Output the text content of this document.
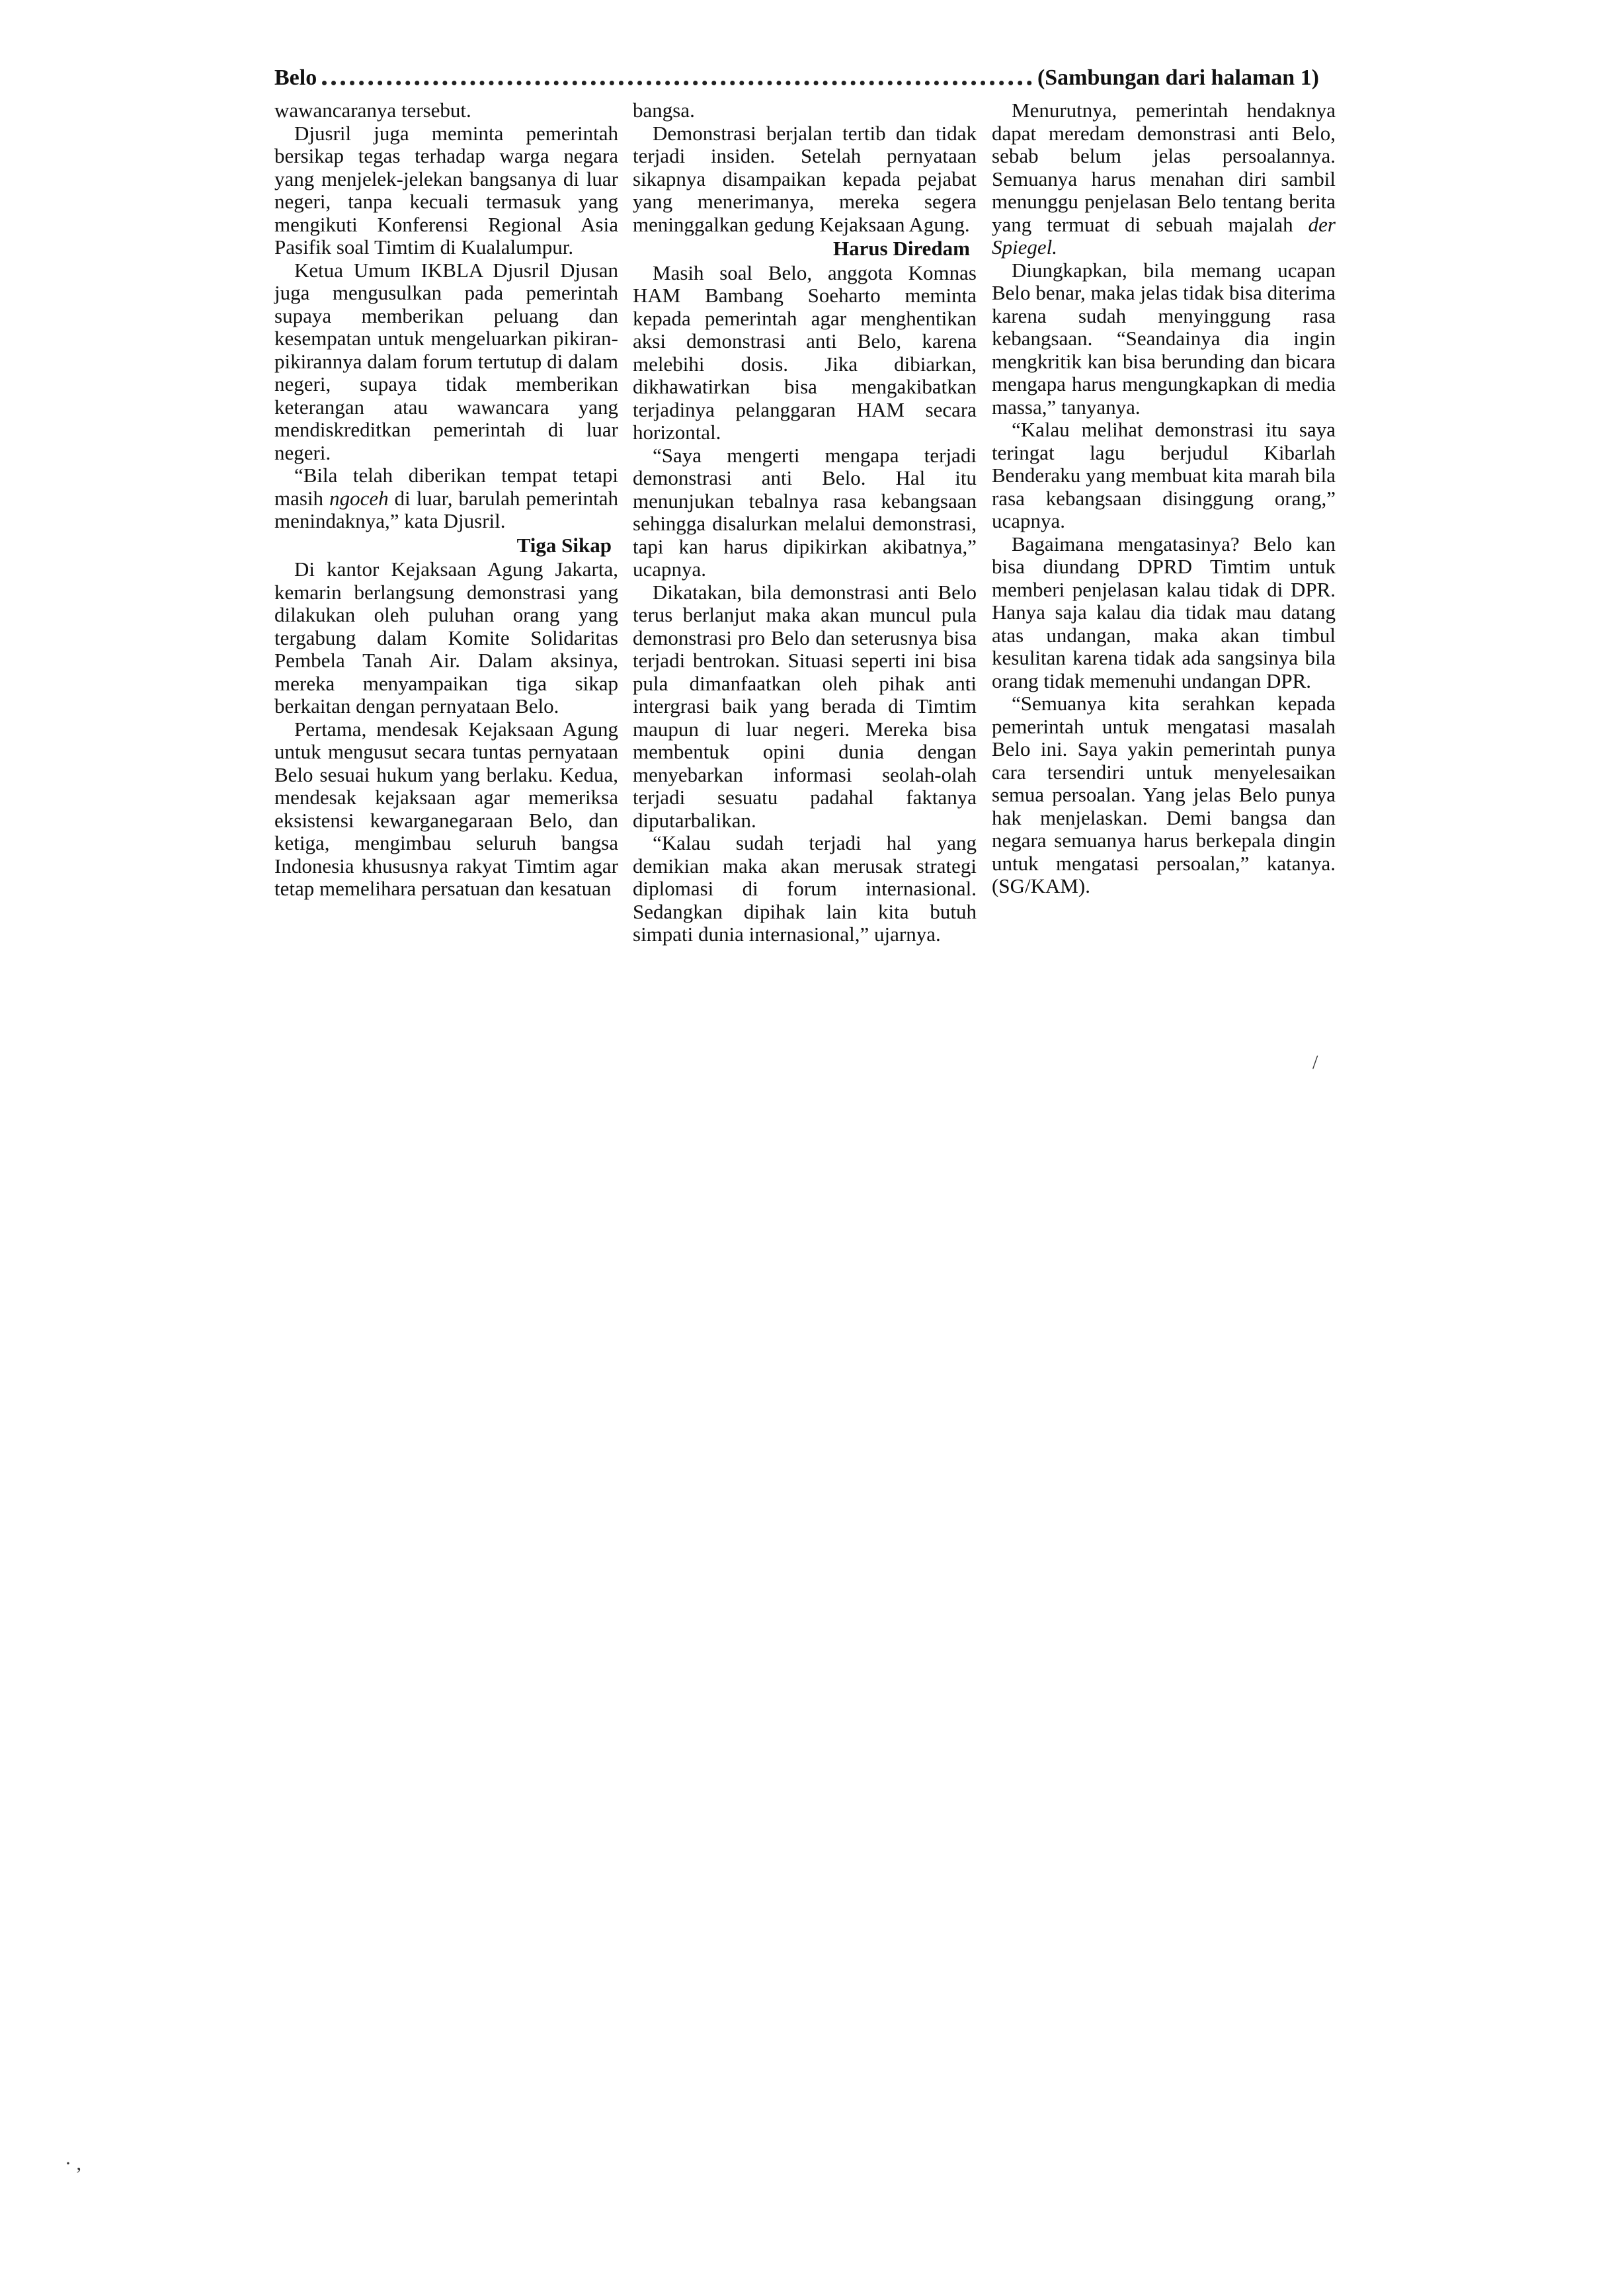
Belo	(Sambungan dari halaman 1)

wawancaranya tersebut.

Djusril juga meminta pemerintah bersikap tegas terhadap warga negara yang menjelek-jelekan bangsanya di luar negeri, tanpa kecuali termasuk yang mengikuti Konferensi Regional Asia Pasifik soal Timtim di Kualalumpur.

Ketua Umum IKBLA Djusril Djusan juga mengusulkan pada pemerintah supaya memberikan peluang dan kesempatan untuk mengeluarkan pikiran-pikirannya dalam forum tertutup di dalam negeri, supaya tidak memberikan keterangan atau wawancara yang mendiskreditkan pemerintah di luar negeri.

“Bila telah diberikan tempat tetapi masih ngoceh di luar, barulah pemerintah menindaknya,” kata Djusril.

Tiga Sikap

Di kantor Kejaksaan Agung Jakarta, kemarin berlangsung demonstrasi yang dilakukan oleh puluhan orang yang tergabung dalam Komite Solidaritas Pembela Tanah Air. Dalam aksinya, mereka menyampaikan tiga sikap berkaitan dengan pernyataan Belo.

Pertama, mendesak Kejaksaan Agung untuk mengusut secara tuntas pernyataan Belo sesuai hukum yang berlaku. Kedua, mendesak kejaksaan agar memeriksa eksistensi kewarganegaraan Belo, dan ketiga, mengimbau seluruh bangsa Indonesia khususnya rakyat Timtim agar tetap memelihara persatuan dan kesatuan

bangsa.

Demonstrasi berjalan tertib dan tidak terjadi insiden. Setelah pernyataan sikapnya disampaikan kepada pejabat yang menerimanya, mereka segera meninggalkan gedung Kejaksaan Agung.

Harus Diredam

Masih soal Belo, anggota Komnas HAM Bambang Soeharto meminta kepada pemerintah agar menghentikan aksi demonstrasi anti Belo, karena melebihi dosis. Jika dibiarkan, dikhawatirkan bisa mengakibatkan terjadinya pelanggaran HAM secara horizontal.

“Saya mengerti mengapa terjadi demonstrasi anti Belo. Hal itu menunjukan tebalnya rasa kebangsaan sehingga disalurkan melalui demonstrasi, tapi kan harus dipikirkan akibatnya,” ucapnya.

Dikatakan, bila demonstrasi anti Belo terus berlanjut maka akan muncul pula demonstrasi pro Belo dan seterusnya bisa terjadi bentrokan. Situasi seperti ini bisa pula dimanfaatkan oleh pihak anti intergrasi baik yang berada di Timtim maupun di luar negeri. Mereka bisa membentuk opini dunia dengan menyebarkan informasi seolah-olah terjadi sesuatu padahal faktanya diputarbalikan.

“Kalau sudah terjadi hal yang demikian maka akan merusak strategi diplomasi di forum internasional. Sedangkan dipihak lain kita butuh simpati dunia internasional,” ujarnya.

Menurutnya, pemerintah hendaknya dapat meredam demonstrasi anti Belo, sebab belum jelas persoalannya. Semuanya harus menahan diri sambil menunggu penjelasan Belo tentang berita yang termuat di sebuah majalah der Spiegel.

Diungkapkan, bila memang ucapan Belo benar, maka jelas tidak bisa diterima karena sudah menyinggung rasa kebangsaan. “Seandainya dia ingin mengkritik kan bisa berunding dan bicara mengapa harus mengungkapkan di media massa,” tanyanya.

“Kalau melihat demonstrasi itu saya teringat lagu berjudul Kibarlah Benderaku yang membuat kita marah bila rasa kebangsaan disinggung orang,” ucapnya.

Bagaimana mengatasinya? Belo kan bisa diundang DPRD Timtim untuk memberi penjelasan kalau tidak di DPR. Hanya saja kalau dia tidak mau datang atas undangan, maka akan timbul kesulitan karena tidak ada sangsinya bila orang tidak memenuhi undangan DPR.

“Semuanya kita serahkan kepada pemerintah untuk mengatasi masalah Belo ini. Saya yakin pemerintah punya cara tersendiri untuk menyelesaikan semua persoalan. Yang jelas Belo punya hak menjelaskan. Demi bangsa dan negara semuanya harus berkepala dingin untuk mengatasi persoalan,” katanya. (SG/KAM).

/
· ,
